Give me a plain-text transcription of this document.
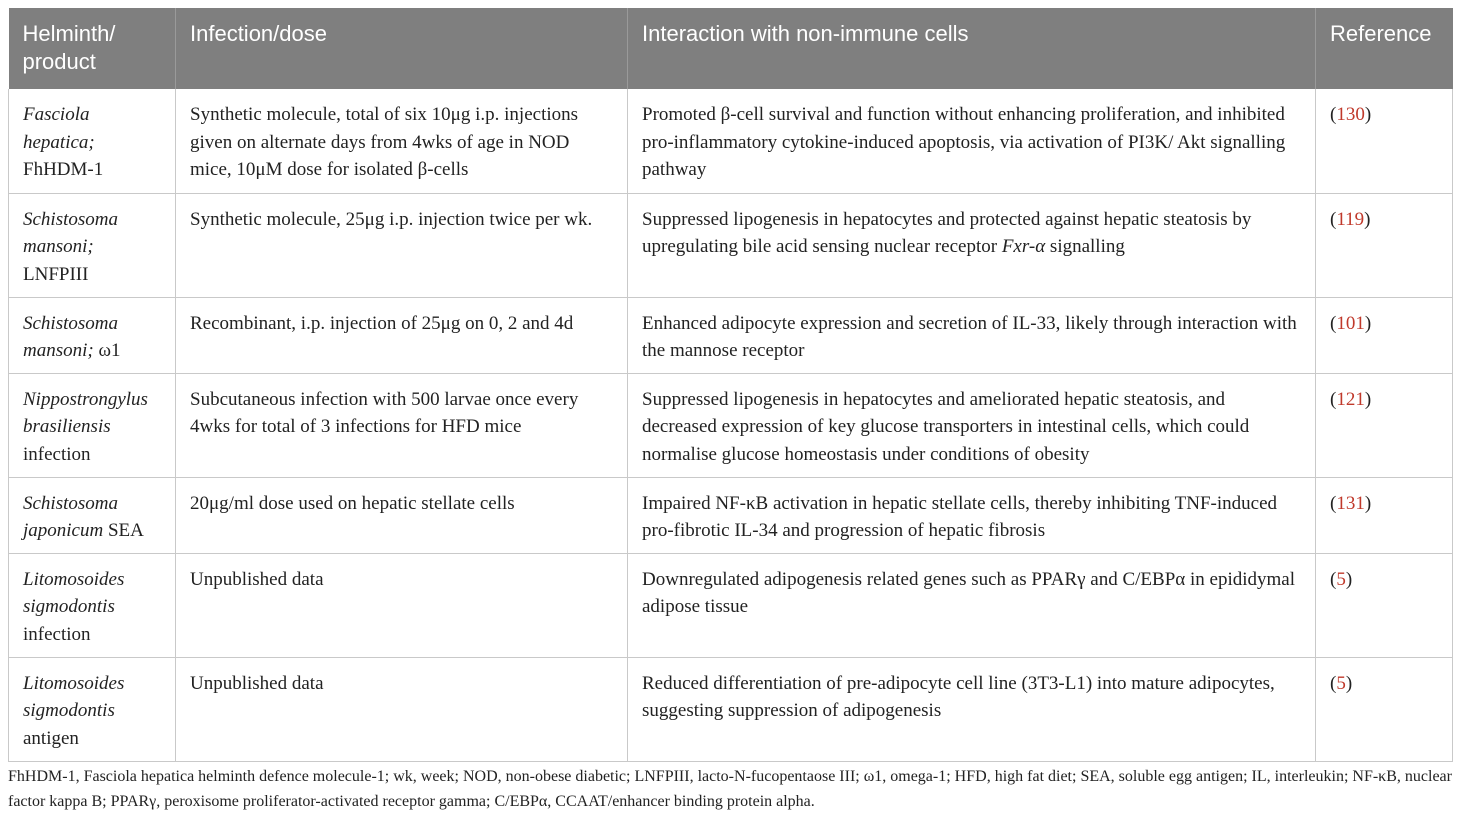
Helminth/ product	Infection/dose	Interaction with non-immune cells	Reference
Fasciola hepatica;
FhHDM-1	Synthetic molecule, total of six 10μg i.p. injections given on alternate days from 4wks of age in NOD mice, 10μM dose for isolated β-cells	Promoted β-cell survival and function without enhancing proliferation, and inhibited pro-inflammatory cytokine-induced apoptosis, via activation of PI3K/ Akt signalling pathway	(130)
Schistosoma mansoni;
LNFPIII	Synthetic molecule, 25μg i.p. injection twice per wk.	Suppressed lipogenesis in hepatocytes and protected against hepatic steatosis by upregulating bile acid sensing nuclear receptor Fxr-α signalling	(119)
Schistosoma mansoni; ω1	Recombinant, i.p. injection of 25μg on 0, 2 and 4d	Enhanced adipocyte expression and secretion of IL-33, likely through interaction with the mannose receptor	(101)
Nippostrongylus brasiliensis
infection	Subcutaneous infection with 500 larvae once every 4wks for total of 3 infections for HFD mice	Suppressed lipogenesis in hepatocytes and ameliorated hepatic steatosis, and decreased expression of key glucose transporters in intestinal cells, which could normalise glucose homeostasis under conditions of obesity	(121)
Schistosoma japonicum SEA	20μg/ml dose used on hepatic stellate cells	Impaired NF-κB activation in hepatic stellate cells, thereby inhibiting TNF-induced pro-fibrotic IL-34 and progression of hepatic fibrosis	(131)
Litomosoides sigmodontis
infection	Unpublished data	Downregulated adipogenesis related genes such as PPARγ and C/EBPα in epididymal adipose tissue	(5)
Litomosoides sigmodontis
antigen	Unpublished data	Reduced differentiation of pre-adipocyte cell line (3T3-L1) into mature adipocytes, suggesting suppression of adipogenesis	(5)
FhHDM-1, Fasciola hepatica helminth defence molecule-1; wk, week; NOD, non-obese diabetic; LNFPIII, lacto-N-fucopentaose III; ω1, omega-1; HFD, high fat diet; SEA, soluble egg antigen; IL, interleukin; NF-κB, nuclear factor kappa B; PPARγ, peroxisome proliferator-activated receptor gamma; C/EBPα, CCAAT/enhancer binding protein alpha.
